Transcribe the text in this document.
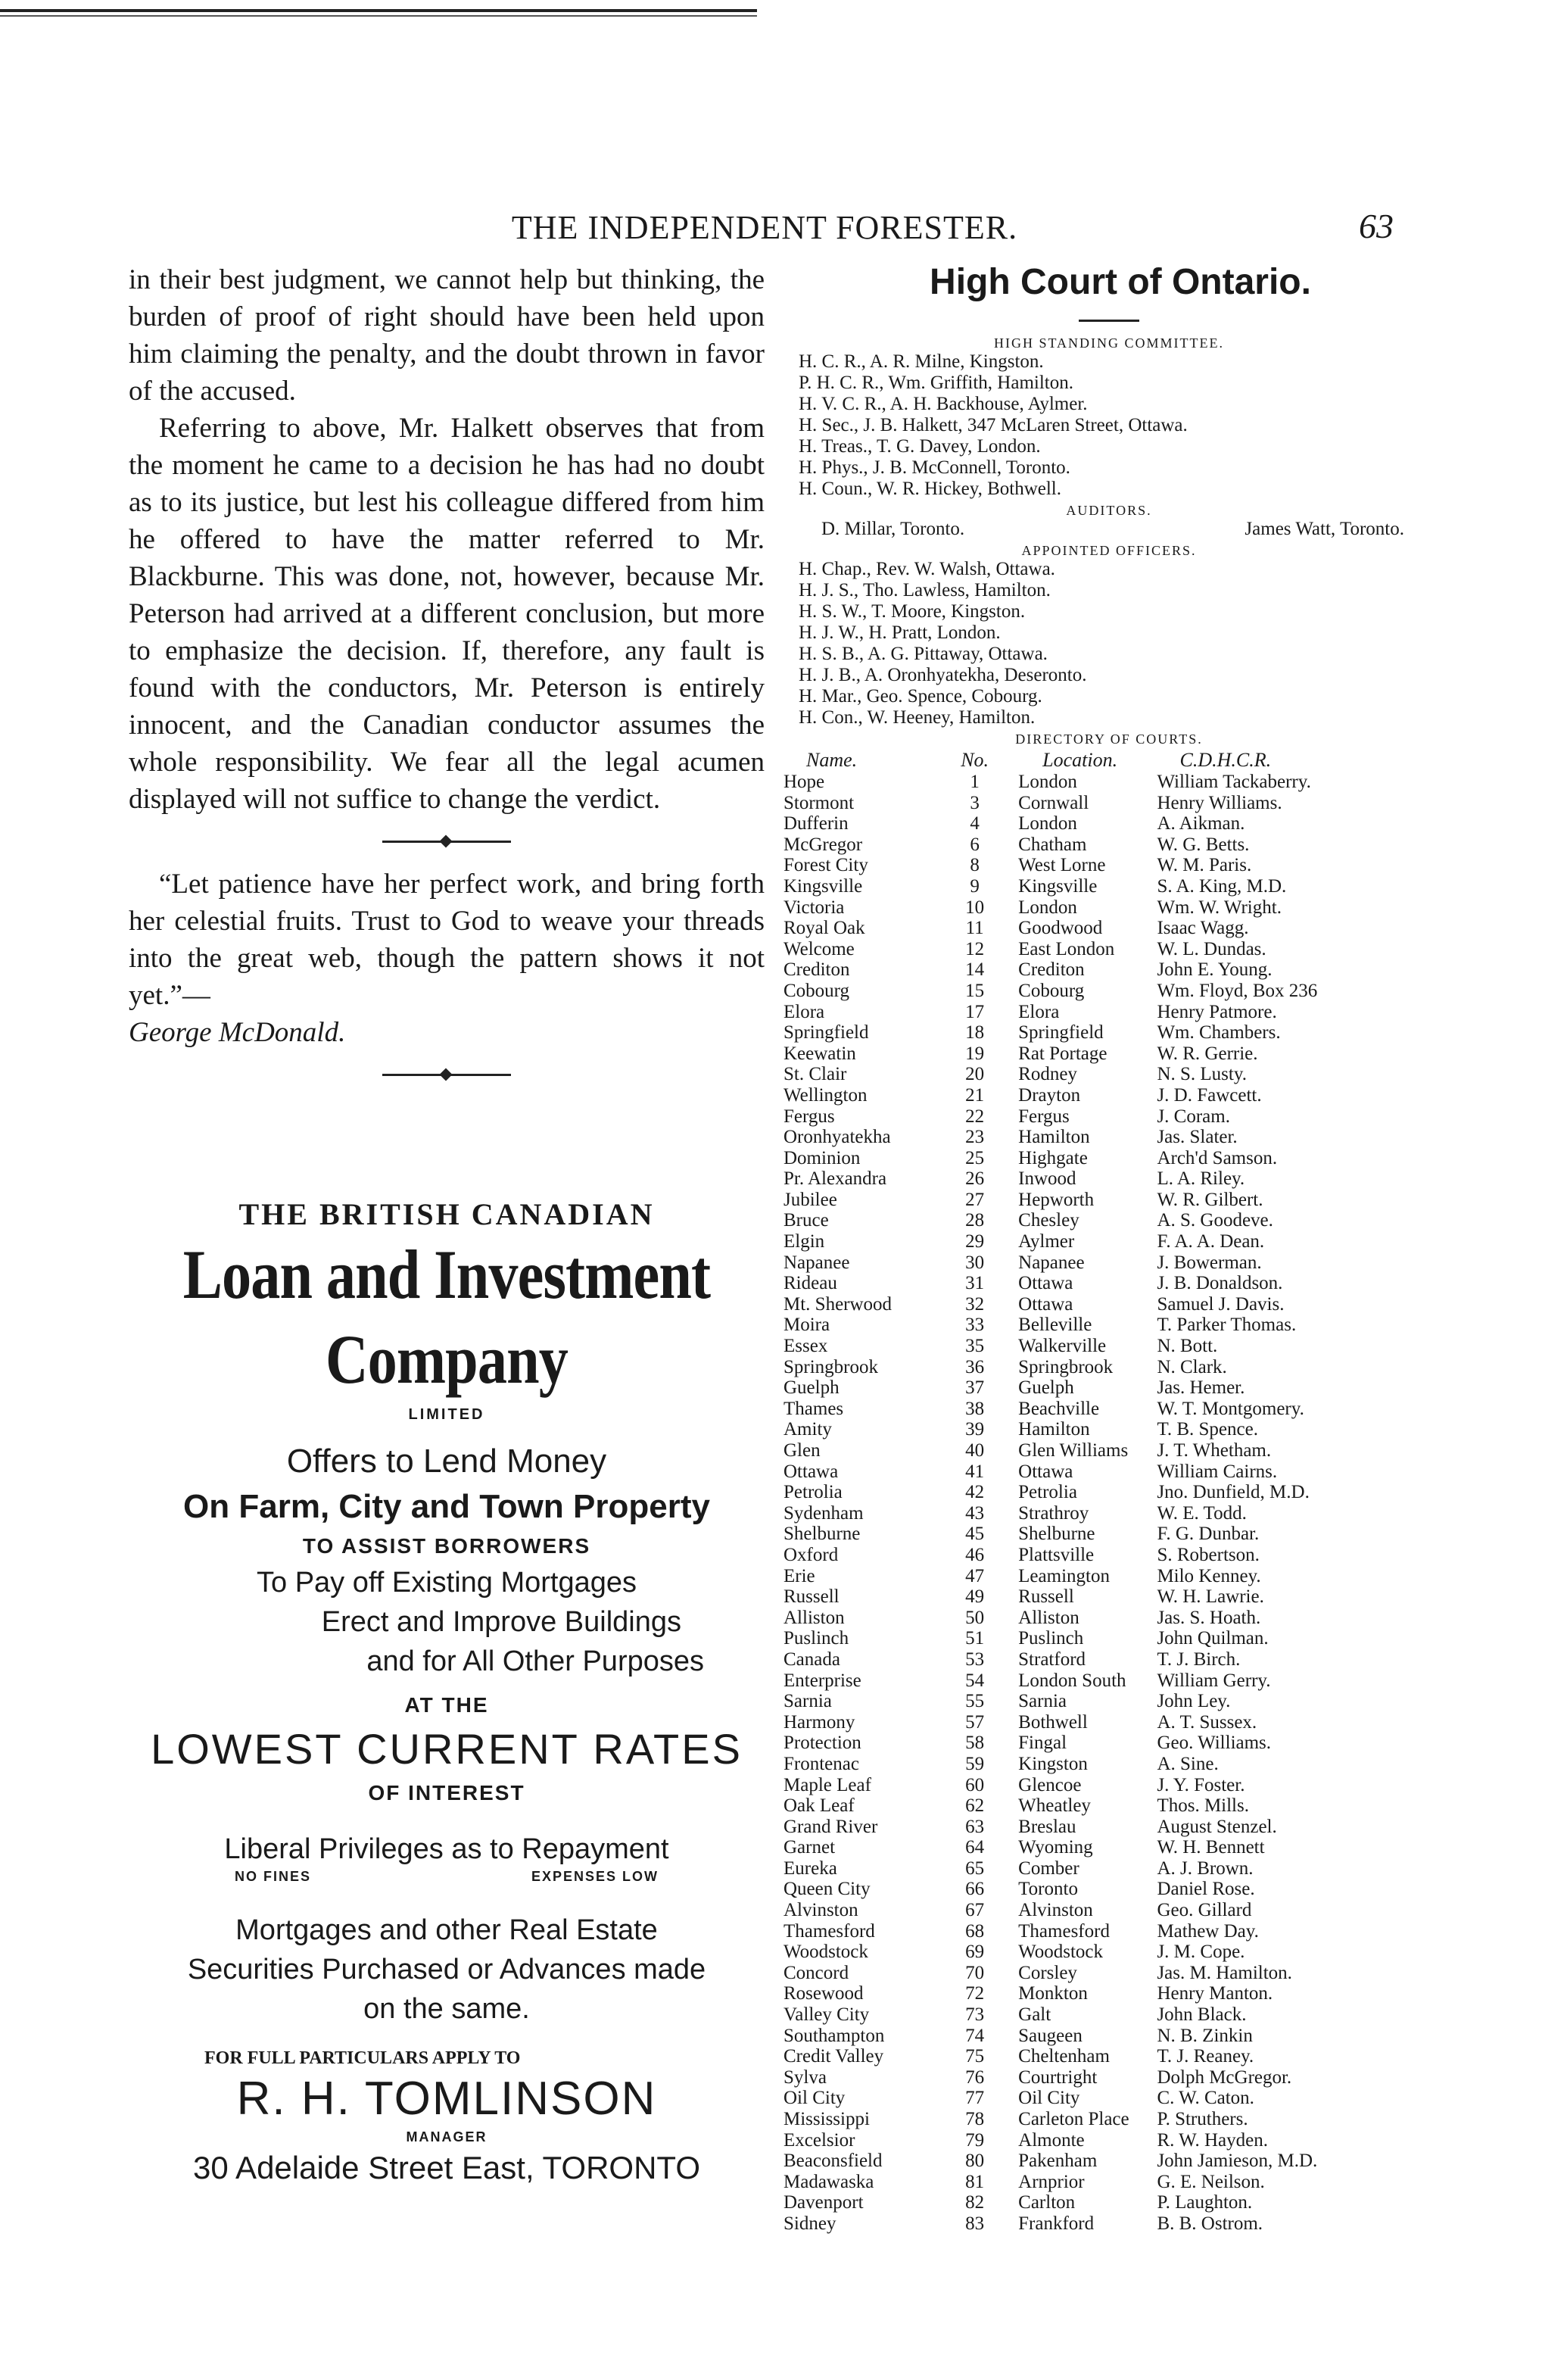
THE INDEPENDENT FORESTER.	63

in their best judgment, we cannot help but thinking, the burden of proof of right should have been held upon him claiming the penalty, and the doubt thrown in favor of the accused.

Referring to above, Mr. Halkett observes that from the moment he came to a decision he has had no doubt as to its justice, but lest his colleague differed from him he offered to have the matter referred to Mr. Blackburne. This was done, not, however, because Mr. Peterson had arrived at a different conclusion, but more to emphasize the decision. If, therefore, any fault is found with the conductors, Mr. Peterson is entirely innocent, and the Canadian conductor assumes the whole responsibility. We fear all the legal acumen displayed will not suffice to change the verdict.

“Let patience have her perfect work, and bring forth her celestial fruits. Trust to God to weave your threads into the great web, though the pattern shows it not yet.”—
George McDonald.

THE BRITISH CANADIAN
Loan and Investment Company
LIMITED
Offers to Lend Money
On Farm, City and Town Property
TO ASSIST BORROWERS
To Pay off Existing Mortgages
Erect and Improve Buildings
and for All Other Purposes
AT THE
LOWEST CURRENT RATES
OF INTEREST
Liberal Privileges as to Repayment
NO FINES	EXPENSES LOW
Mortgages and other Real Estate
Securities Purchased or Advances made
on the same.
FOR FULL PARTICULARS APPLY TO
R. H. TOMLINSON
MANAGER
30 Adelaide Street East, TORONTO
High Court of Ontario.
HIGH STANDING COMMITTEE.
H. C. R., A. R. Milne, Kingston.
P. H. C. R., Wm. Griffith, Hamilton.
H. V. C. R., A. H. Backhouse, Aylmer.
H. Sec., J. B. Halkett, 347 McLaren Street, Ottawa.
H. Treas., T. G. Davey, London.
H. Phys., J. B. McConnell, Toronto.
H. Coun., W. R. Hickey, Bothwell.
AUDITORS.
D. Millar, Toronto.	James Watt, Toronto.
APPOINTED OFFICERS.
H. Chap., Rev. W. Walsh, Ottawa.
H. J. S., Tho. Lawless, Hamilton.
H. S. W., T. Moore, Kingston.
H. J. W., H. Pratt, London.
H. S. B., A. G. Pittaway, Ottawa.
H. J. B., A. Oronhyatekha, Deseronto.
H. Mar., Geo. Spence, Cobourg.
H. Con., W. Heeney, Hamilton.
DIRECTORY OF COURTS.
Name.	No.	Location.	C.D.H.C.R.
Hope	1	London	William Tackaberry.
Stormont	3	Cornwall	Henry Williams.
Dufferin	4	London	A. Aikman.
McGregor	6	Chatham	W. G. Betts.
Forest City	8	West Lorne	W. M. Paris.
Kingsville	9	Kingsville	S. A. King, M.D.
Victoria	10	London	Wm. W. Wright.
Royal Oak	11	Goodwood	Isaac Wagg.
Welcome	12	East London	W. L. Dundas.
Crediton	14	Crediton	John E. Young.
Cobourg	15	Cobourg	Wm. Floyd, Box 236
Elora	17	Elora	Henry Patmore.
Springfield	18	Springfield	Wm. Chambers.
Keewatin	19	Rat Portage	W. R. Gerrie.
St. Clair	20	Rodney	N. S. Lusty.
Wellington	21	Drayton	J. D. Fawcett.
Fergus	22	Fergus	J. Coram.
Oronhyatekha	23	Hamilton	Jas. Slater.
Dominion	25	Highgate	Arch'd Samson.
Pr. Alexandra	26	Inwood	L. A. Riley.
Jubilee	27	Hepworth	W. R. Gilbert.
Bruce	28	Chesley	A. S. Goodeve.
Elgin	29	Aylmer	F. A. A. Dean.
Napanee	30	Napanee	J. Bowerman.
Rideau	31	Ottawa	J. B. Donaldson.
Mt. Sherwood	32	Ottawa	Samuel J. Davis.
Moira	33	Belleville	T. Parker Thomas.
Essex	35	Walkerville	N. Bott.
Springbrook	36	Springbrook	N. Clark.
Guelph	37	Guelph	Jas. Hemer.
Thames	38	Beachville	W. T. Montgomery.
Amity	39	Hamilton	T. B. Spence.
Glen	40	Glen Williams	J. T. Whetham.
Ottawa	41	Ottawa	William Cairns.
Petrolia	42	Petrolia	Jno. Dunfield, M.D.
Sydenham	43	Strathroy	W. E. Todd.
Shelburne	45	Shelburne	F. G. Dunbar.
Oxford	46	Plattsville	S. Robertson.
Erie	47	Leamington	Milo Kenney.
Russell	49	Russell	W. H. Lawrie.
Alliston	50	Alliston	Jas. S. Hoath.
Puslinch	51	Puslinch	John Quilman.
Canada	53	Stratford	T. J. Birch.
Enterprise	54	London South	William Gerry.
Sarnia	55	Sarnia	John Ley.
Harmony	57	Bothwell	A. T. Sussex.
Protection	58	Fingal	Geo. Williams.
Frontenac	59	Kingston	A. Sine.
Maple Leaf	60	Glencoe	J. Y. Foster.
Oak Leaf	62	Wheatley	Thos. Mills.
Grand River	63	Breslau	August Stenzel.
Garnet	64	Wyoming	W. H. Bennett
Eureka	65	Comber	A. J. Brown.
Queen City	66	Toronto	Daniel Rose.
Alvinston	67	Alvinston	Geo. Gillard
Thamesford	68	Thamesford	Mathew Day.
Woodstock	69	Woodstock	J. M. Cope.
Concord	70	Corsley	Jas. M. Hamilton.
Rosewood	72	Monkton	Henry Manton.
Valley City	73	Galt	John Black.
Southampton	74	Saugeen	N. B. Zinkin
Credit Valley	75	Cheltenham	T. J. Reaney.
Sylva	76	Courtright	Dolph McGregor.
Oil City	77	Oil City	C. W. Caton.
Mississippi	78	Carleton Place	P. Struthers.
Excelsior	79	Almonte	R. W. Hayden.
Beaconsfield	80	Pakenham	John Jamieson, M.D.
Madawaska	81	Arnprior	G. E. Neilson.
Davenport	82	Carlton	P. Laughton.
Sidney	83	Frankford	B. B. Ostrom.
